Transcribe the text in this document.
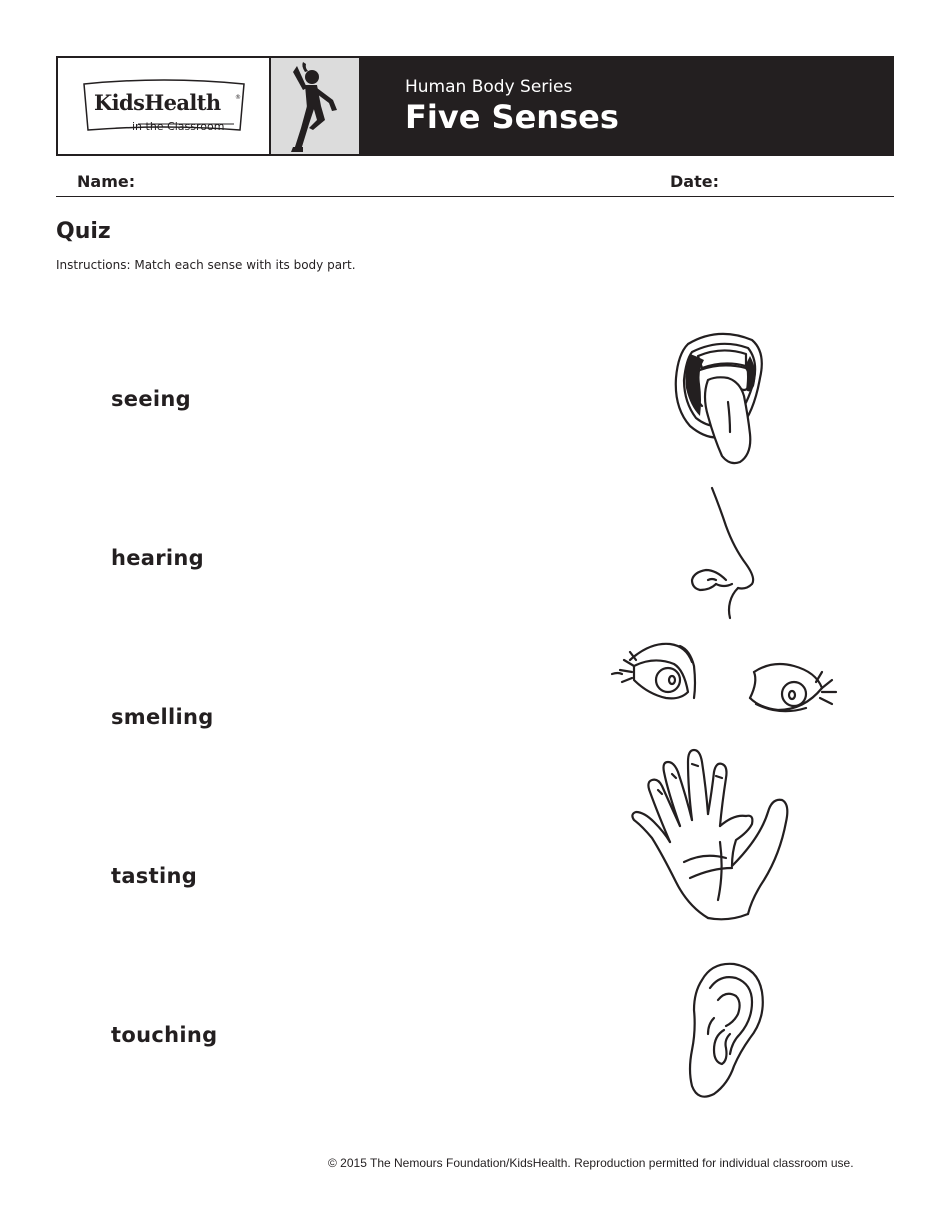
KidsHealth ®
in the Classroom
Human Body Series
Five Senses
Name:	Date:
Quiz
Instructions: Match each sense with its body part.
seeing
hearing
smelling
tasting
touching
© 2015 The Nemours Foundation/KidsHealth. Reproduction permitted for individual classroom use.
